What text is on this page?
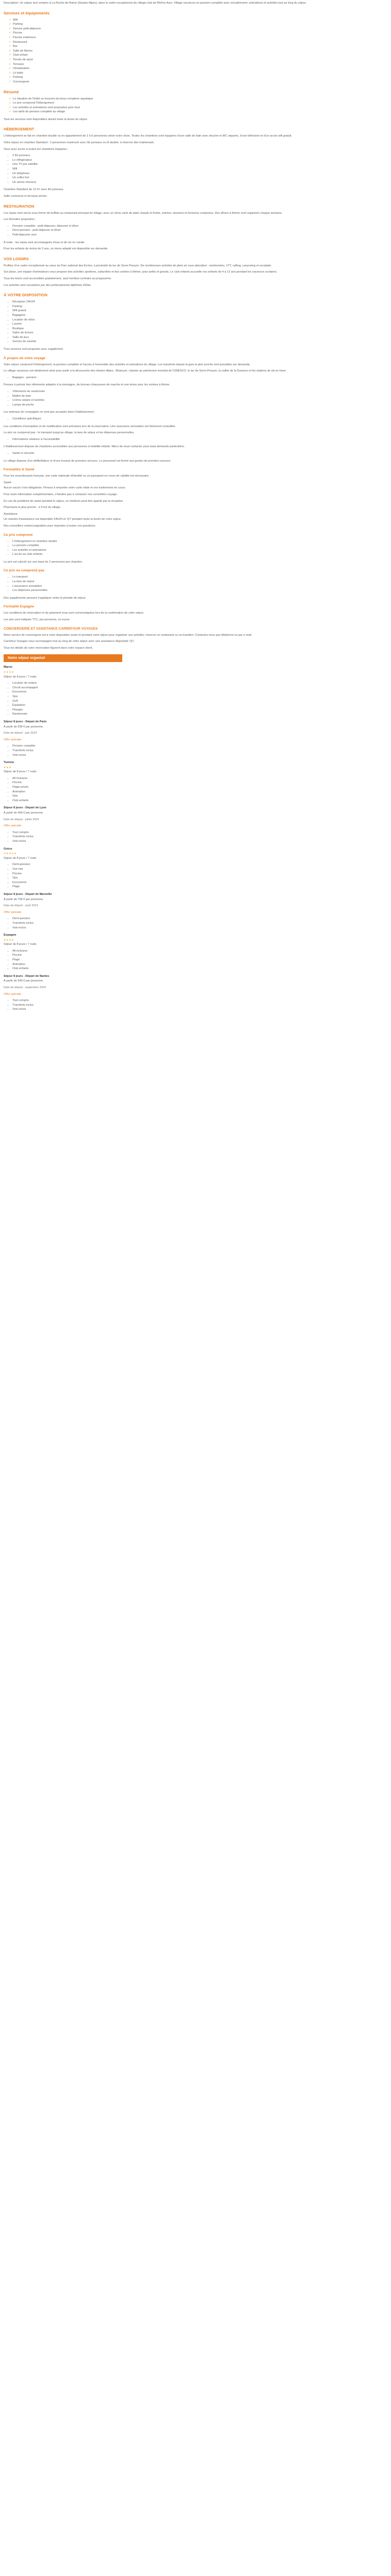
Description: Un séjour tout compris à La Roche-de-Rame (Hautes-Alpes), dans le cadre exceptionnel du village-club de Rhône-Azur. Village vacances en pension complète avec encadrement, animations et activités tout au long du séjour.

Services et équipements
✓ Wifi
✓ Parking
✓ Service petit-déjeuner
✓ Piscine
✓ Piscine extérieure
✓ Restaurant
✓ Bar
✓ Salle de fitness
✓ Club enfant
✓ Terrain de sport
✓ Terrasse
✓ Climatisation
✓ Lit bébé
✓ Parking
✓ Conciergerie
Résumé
✓ Le situation de l'hôtel se trouvera du beau complexe aquatique
✓ Le prix comprend l'hébergement
✓ Les activités et animations sont proposées pour tous
✓ Les tarifs de pension complète au village

Tous les services sont disponibles durant toute la durée du séjour.

HÉBERGEMENT

L'hébergement se fait en chambre double ou en appartement de 2 à 6 personnes selon votre choix. Toutes les chambres sont équipées d'une salle de bain avec douche et WC séparés, d'une télévision et d'un accès wifi gratuit.

Votre séjour en chambre Standard : 2 personnes maximum avec lits jumeaux ou lit double, à réserver dès maintenant.

Vous avez accès à toutes les chambres équipées :

• 2 lits jumeaux
• Le réfrigérateur
• Une TV par satellite
• Wifi
• Un téléphone
• Un coffre fort
• Un sèche-cheveux

Chambre Standard de 12 m² avec lits jumeaux,

Salle commune et terrasse privée.

RESTAURATION

Les repas sont servis sous forme de buffets au restaurant principal du village, avec un choix varié de plats chauds et froids, entrées, desserts et boissons comprises. Des dîners à thème sont organisés chaque semaine.

Les formules proposées :

• Pension complète : petit-déjeuner, déjeuner et dîner
• Demi-pension : petit-déjeuner et dîner
• Petit-déjeuner seul

À noter : les repas sont accompagnés d'eau et de vin en carafe.

Pour les enfants de moins de 3 ans, un menu adapté est disponible sur demande.

VOS LOISIRS

Profitez d'un cadre exceptionnel au cœur du Parc national des Écrins, à proximité du lac de Serre-Ponçon. De nombreuses activités de plein air vous attendent : randonnées, VTT, rafting, canyoning et escalade.

Sur place, une équipe d'animateurs vous propose des activités sportives, culturelles et des soirées à thème, pour petits et grands. Le club enfants accueille vos enfants de 4 à 12 ans pendant les vacances scolaires.

Tous les loisirs sont accessibles gratuitement, sauf mention contraire au programme.

Les activités sont encadrées par des professionnels diplômés d'État.

À VOTRE DISPOSITION
• Réception 24h/24
• Parking
• Wifi gratuit
• Bagagerie
• Location de vélos
• Laverie
• Boutique
• Salon de lecture
• Salle de jeux
• Service de navette

*Ces services sont proposés avec supplément.

À propos de votre voyage

Votre séjour comprend l'hébergement, la pension complète et l'accès à l'ensemble des activités et animations du village. Les transferts depuis la gare la plus proche sont possibles sur demande.

Le village vacances est idéalement situé pour partir à la découverte des Hautes-Alpes : Briançon, classée au patrimoine mondial de l'UNESCO, le lac de Serre-Ponçon, la vallée de la Durance et les stations de ski en hiver.

• Bagages - pension :

Pensez à prévoir des vêtements adaptés à la montagne, de bonnes chaussures de marche et une tenue pour les soirées à thème.

• Vêtements de randonnée
• Maillot de bain
• Crème solaire et lunettes
• Lampe de poche

Les animaux de compagnie ne sont pas acceptés dans l'établissement.

• Conditions spécifiques

Les conditions d'annulation et de modification sont précisées lors de la réservation. Une assurance annulation est fortement conseillée.

Le prix ne comprend pas : le transport jusqu'au village, la taxe de séjour et les dépenses personnelles.

• Informations relatives à l'accessibilité

L'établissement dispose de chambres accessibles aux personnes à mobilité réduite. Merci de nous contacter pour toute demande particulière.

• Santé et sécurité

Le village dispose d'un défibrillateur et d'une trousse de premiers secours. Le personnel est formé aux gestes de premiers secours.

Formalités & Santé

Pour les ressortissants français, une carte nationale d'identité ou un passeport en cours de validité est nécessaire.

Santé :

Aucun vaccin n'est obligatoire. Pensez à emporter votre carte vitale et vos traitements en cours.

Pour toute information complémentaire, n'hésitez pas à contacter nos conseillers voyage.

En cas de problème de santé pendant le séjour, un médecin peut être appelé par la réception.

Pharmacie la plus proche : à 5 km du village.

Assistance

Un numéro d'assistance est disponible 24h/24 et 7j/7 pendant toute la durée de votre séjour.

Nos conseillers restent joignables pour répondre à toutes vos questions.

Ce prix comprend
• L'hébergement en chambre double
• La pension complète
• Les activités et animations
• L'accès au club enfants

Le prix est calculé sur une base de 2 personnes par chambre.

Ce prix ne comprend pas
• Le transport
• La taxe de séjour
• L'assurance annulation
• Les dépenses personnelles

Des suppléments peuvent s'appliquer selon la période de séjour.

Formalité Espagne

Les conditions de réservation et de paiement vous sont communiquées lors de la confirmation de votre séjour.

Les prix sont indiqués TTC, par personne, en euros.

CONCIERGERIE ET ASSISTANCE CARREFOUR VOYAGES

Notre service de conciergerie est à votre disposition avant et pendant votre séjour pour organiser vos activités, réserver un restaurant ou un transfert. Contactez-nous par téléphone ou par e-mail.

Carrefour Voyages vous accompagne tout au long de votre séjour avec une assistance disponible 7j/7.

Tous les détails de votre réservation figurent dans votre espace client.

Notre séjour organisé

Maroc

★★★★

Séjour de 8 jours / 7 nuits

• Location de voiture
• Circuit accompagné
• Excursions
• Spa
• Golf
• Équitation
• Plongée
• Randonnée

Séjour 8 jours - Départ de Paris

À partir de 599 € par personne.

Date de départ : juin 2024

Offre spéciale

• Pension complète
• Transferts inclus
• Vols inclus

Tunisie

★★★

Séjour de 8 jours / 7 nuits

• All inclusive
• Piscine
• Plage privée
• Animation
• Spa
• Club enfants

Séjour 8 jours - Départ de Lyon

À partir de 499 € par personne.

Date de départ : juillet 2024

Offre spéciale

• Tout compris
• Transferts inclus
• Vols inclus

Grèce

★★★★★

Séjour de 8 jours / 7 nuits

• Demi-pension
• Vue mer
• Piscine
• Spa
• Excursions
• Plage

Séjour 8 jours - Départ de Marseille

À partir de 799 € par personne.

Date de départ : août 2024

Offre spéciale

• Demi-pension
• Transferts inclus
• Vols inclus

Espagne

★★★★

Séjour de 8 jours / 7 nuits

• All inclusive
• Piscine
• Plage
• Animation
• Club enfants

Séjour 8 jours - Départ de Nantes

À partir de 549 € par personne.

Date de départ : septembre 2024

Offre spéciale

• Tout compris
• Transferts inclus
• Vols inclus
